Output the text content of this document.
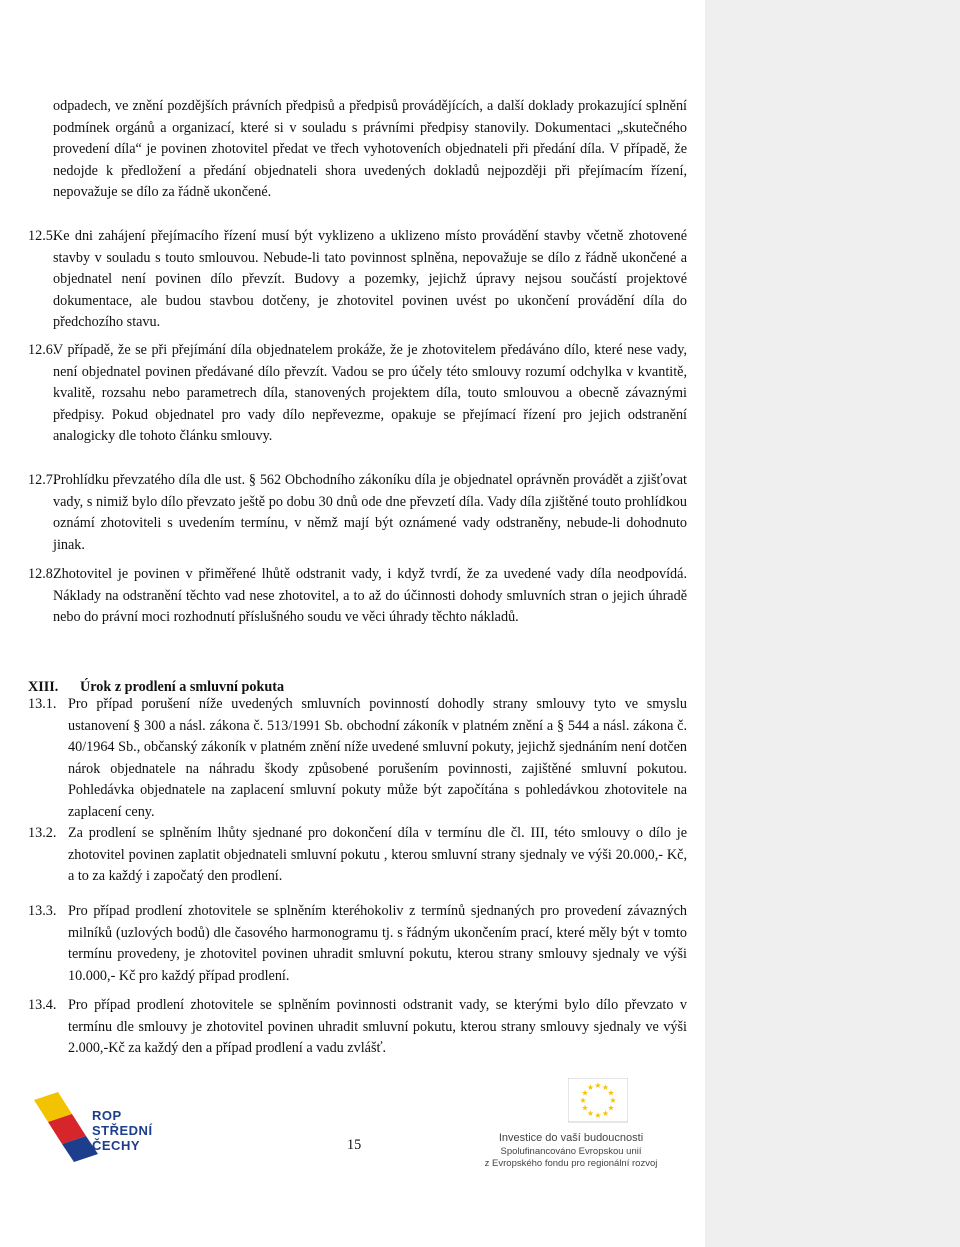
odpadech, ve znění pozdějších právních předpisů a předpisů provádějících, a další doklady prokazující splnění podmínek orgánů a organizací, které si v souladu s právními předpisy stanovily. Dokumentaci „skutečného provedení díla“ je povinen zhotovitel předat ve třech vyhotoveních objednateli při předání díla. V případě, že nedojde k předložení a předání objednateli shora uvedených dokladů nejpozději při přejímacím řízení, nepovažuje se dílo za řádně ukončené.
12.5.
Ke dni zahájení přejímacího řízení musí být vyklizeno a uklizeno místo provádění stavby včetně zhotovené stavby v souladu s touto smlouvou. Nebude-li tato povinnost splněna, nepovažuje se dílo z řádně ukončené a objednatel není povinen dílo převzít. Budovy a pozemky, jejichž úpravy nejsou součástí projektové dokumentace, ale budou stavbou dotčeny, je zhotovitel povinen uvést po ukončení provádění díla do předchozího stavu.
12.6.
V případě, že se při přejímání díla objednatelem prokáže, že je zhotovitelem předáváno dílo, které nese vady, není objednatel povinen předávané dílo převzít. Vadou se pro účely této smlouvy rozumí odchylka v kvantitě, kvalitě, rozsahu nebo parametrech díla, stanovených projektem díla, touto smlouvou a obecně závaznými předpisy. Pokud objednatel pro vady dílo nepřevezme, opakuje se přejímací řízení pro jejich odstranění analogicky dle tohoto článku smlouvy.
12.7.
Prohlídku převzatého díla dle ust. § 562 Obchodního zákoníku díla je objednatel oprávněn provádět a zjišťovat vady, s nimiž bylo dílo převzato ještě po dobu 30 dnů ode dne převzetí díla. Vady díla zjištěné touto prohlídkou oznámí zhotoviteli s uvedením termínu, v němž mají být oznámené vady odstraněny, nebude-li dohodnuto jinak.
12.8.
Zhotovitel je povinen v přiměřené lhůtě odstranit vady, i když tvrdí, že za uvedené vady díla neodpovídá. Náklady na odstranění těchto vad nese zhotovitel, a to až do účinnosti dohody smluvních stran o jejich úhradě nebo do právní moci rozhodnutí příslušného soudu ve věci úhrady těchto nákladů.
XIII. Úrok z prodlení a smluvní pokuta
13.1. Pro případ porušení níže uvedených smluvních povinností dohodly strany smlouvy tyto ve smyslu ustanovení § 300 a násl. zákona č. 513/1991 Sb. obchodní zákoník v platném znění a § 544 a násl. zákona č. 40/1964 Sb., občanský zákoník v platném znění níže uvedené smluvní pokuty, jejichž sjednáním není dotčen nárok objednatele na náhradu škody způsobené porušením povinnosti, zajištěné smluvní pokutou. Pohledávka objednatele na zaplacení smluvní pokuty může být započítána s pohledávkou zhotovitele na zaplacení ceny.
13.2. Za prodlení se splněním lhůty sjednané pro dokončení díla v termínu dle čl. III, této smlouvy o dílo je zhotovitel povinen zaplatit objednateli smluvní pokutu , kterou smluvní strany sjednaly ve výši 20.000,- Kč, a to za každý i započatý den prodlení.
13.3. Pro případ prodlení zhotovitele se splněním kteréhokoliv z termínů sjednaných pro provedení závazných milníků (uzlových bodů) dle časového harmonogramu tj. s řádným ukončením prací, které měly být v tomto termínu provedeny, je zhotovitel povinen uhradit smluvní pokutu, kterou strany smlouvy sjednaly ve výši 10.000,- Kč pro každý případ prodlení.
13.4. Pro případ prodlení zhotovitele se splněním povinnosti odstranit vady, se kterými bylo dílo převzato v termínu dle smlouvy je zhotovitel povinen uhradit smluvní pokutu, kterou strany smlouvy sjednaly ve výši 2.000,-Kč za každý den a případ prodlení a vadu zvlášť.
ROP
STŘEDNÍ
ČECHY	15
★ ★
★
★
★
★
★
★
★
★
★
★
Investice do vaší budoucnosti
Spolufinancováno Evropskou unií
z Evropského fondu pro regionální rozvoj
